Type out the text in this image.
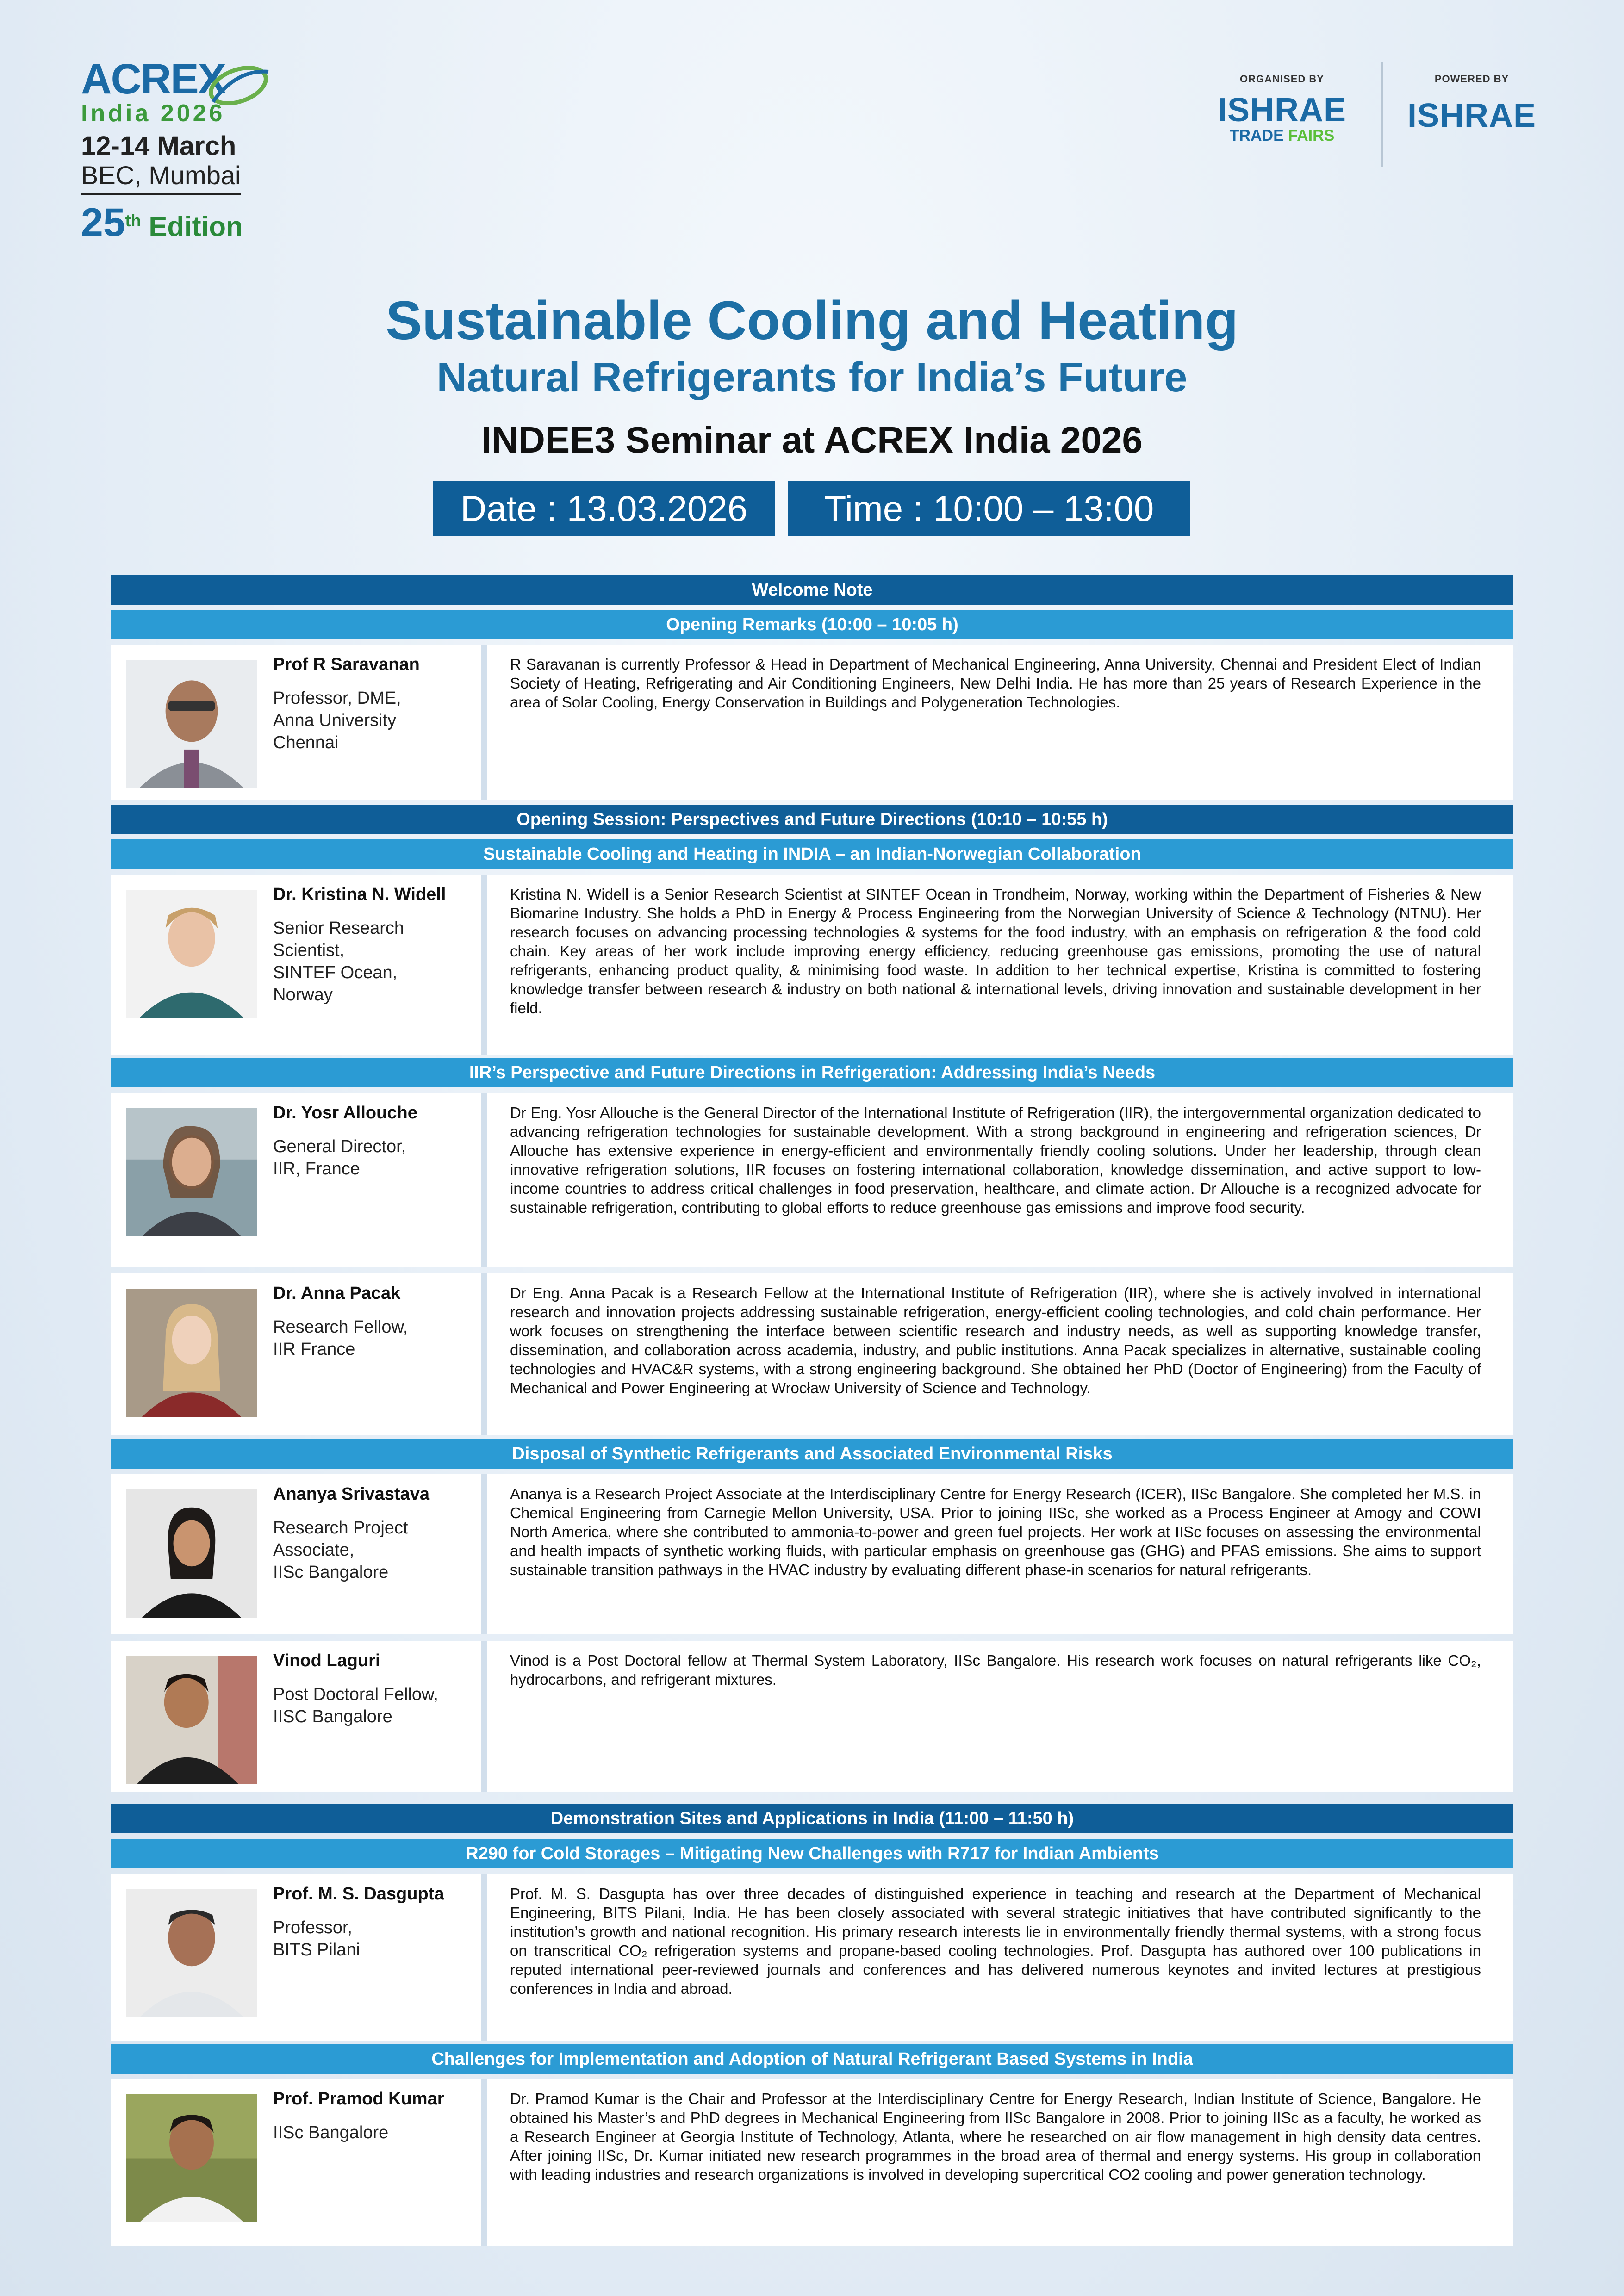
ACREX
India 2026
12-14 March
BEC, Mumbai
25th Edition
ORGANISED BY
ISHRAE
TRADE FAIRS
POWERED BY
ISHRAE
Sustainable Cooling and Heating
Natural Refrigerants for India’s Future
INDEE3 Seminar at ACREX India 2026
Date : 13.03.2026	Time : 10:00 – 13:00
Welcome Note
Opening Remarks (10:00 – 10:05 h)
Prof R Saravanan
Professor, DME,
Anna University
Chennai
R Saravanan is currently Professor & Head in Department of Mechanical Engineering, Anna University, Chennai and President Elect of Indian Society of Heating, Refrigerating and Air Conditioning Engineers, New Delhi India. He has more than 25 years of Research Experience in the area of Solar Cooling, Energy Conservation in Buildings and Polygeneration Technologies.
Opening Session: Perspectives and Future Directions (10:10 – 10:55 h)
Sustainable Cooling and Heating in INDIA – an Indian-Norwegian Collaboration
Dr. Kristina N. Widell
Senior Research
Scientist,
SINTEF Ocean,
Norway
Kristina N. Widell is a Senior Research Scientist at SINTEF Ocean in Trondheim, Norway, working within the Department of Fisheries & New Biomarine Industry. She holds a PhD in Energy & Process Engineering from the Norwegian University of Science & Technology (NTNU). Her research focuses on advancing processing technologies & systems for the food industry, with an emphasis on refrigeration & the food cold chain. Key areas of her work include improving energy efficiency, reducing greenhouse gas emissions, promoting the use of natural refrigerants, enhancing product quality, & minimising food waste. In addition to her technical expertise, Kristina is committed to fostering knowledge transfer between research & industry on both national & international levels, driving innovation and sustainable development in her field.
IIR’s Perspective and Future Directions in Refrigeration: Addressing India’s Needs
Dr. Yosr Allouche
General Director,
IIR, France
Dr Eng. Yosr Allouche is the General Director of the International Institute of Refrigeration (IIR), the intergovernmental organization dedicated to advancing refrigeration technologies for sustainable development. With a strong background in engineering and refrigeration sciences, Dr Allouche has extensive experience in energy-efficient and environmentally friendly cooling solutions. Under her leadership, through clean innovative refrigeration solutions, IIR focuses on fostering international collaboration, knowledge dissemination, and active support to low-income countries to address critical challenges in food preservation, healthcare, and climate action. Dr Allouche is a recognized advocate for sustainable refrigeration, contributing to global efforts to reduce greenhouse gas emissions and improve food security.
Dr. Anna Pacak
Research Fellow,
IIR France
Dr Eng. Anna Pacak is a Research Fellow at the International Institute of Refrigeration (IIR), where she is actively involved in international research and innovation projects addressing sustainable refrigeration, energy-efficient cooling technologies, and cold chain performance. Her work focuses on strengthening the interface between scientific research and industry needs, as well as supporting knowledge transfer, dissemination, and collaboration across academia, industry, and public institutions. Anna Pacak specializes in alternative, sustainable cooling technologies and HVAC&R systems, with a strong engineering background. She obtained her PhD (Doctor of Engineering) from the Faculty of Mechanical and Power Engineering at Wrocław University of Science and Technology.
Disposal of Synthetic Refrigerants and Associated Environmental Risks
Ananya Srivastava
Research Project
Associate,
IISc Bangalore
Ananya is a Research Project Associate at the Interdisciplinary Centre for Energy Research (ICER), IISc Bangalore. She completed her M.S. in Chemical Engineering from Carnegie Mellon University, USA. Prior to joining IISc, she worked as a Process Engineer at Amogy and COWI North America, where she contributed to ammonia-to-power and green fuel projects. Her work at IISc focuses on assessing the environmental and health impacts of synthetic working fluids, with particular emphasis on greenhouse gas (GHG) and PFAS emissions. She aims to support sustainable transition pathways in the HVAC industry by evaluating different phase-in scenarios for natural refrigerants.
Vinod Laguri
Post Doctoral Fellow,
IISC Bangalore
Vinod is a Post Doctoral fellow at Thermal System Laboratory, IISc Bangalore. His research work focuses on natural refrigerants like CO₂, hydrocarbons, and refrigerant mixtures.
Demonstration Sites and Applications in India (11:00 – 11:50 h)
R290 for Cold Storages – Mitigating New Challenges with R717 for Indian Ambients
Prof. M. S. Dasgupta
Professor,
BITS Pilani
Prof. M. S. Dasgupta has over three decades of distinguished experience in teaching and research at the Department of Mechanical Engineering, BITS Pilani, India. He has been closely associated with several strategic initiatives that have contributed significantly to the institution’s growth and national recognition. His primary research interests lie in environmentally friendly thermal systems, with a strong focus on transcritical CO₂ refrigeration systems and propane-based cooling technologies. Prof. Dasgupta has authored over 100 publications in reputed international peer-reviewed journals and conferences and has delivered numerous keynotes and invited lectures at prestigious conferences in India and abroad.
Challenges for Implementation and Adoption of Natural Refrigerant Based Systems in India
Prof. Pramod Kumar
IISc Bangalore
Dr. Pramod Kumar is the Chair and Professor at the Interdisciplinary Centre for Energy Research, Indian Institute of Science, Bangalore. He obtained his Master’s and PhD degrees in Mechanical Engineering from IISc Bangalore in 2008. Prior to joining IISc as a faculty, he worked as a Research Engineer at Georgia Institute of Technology, Atlanta, where he researched on air flow management in high density data centres. After joining IISc, Dr. Kumar initiated new research programmes in the broad area of thermal and energy systems. His group in collaboration with leading industries and research organizations is involved in developing supercritical CO2 cooling and power generation technology.
